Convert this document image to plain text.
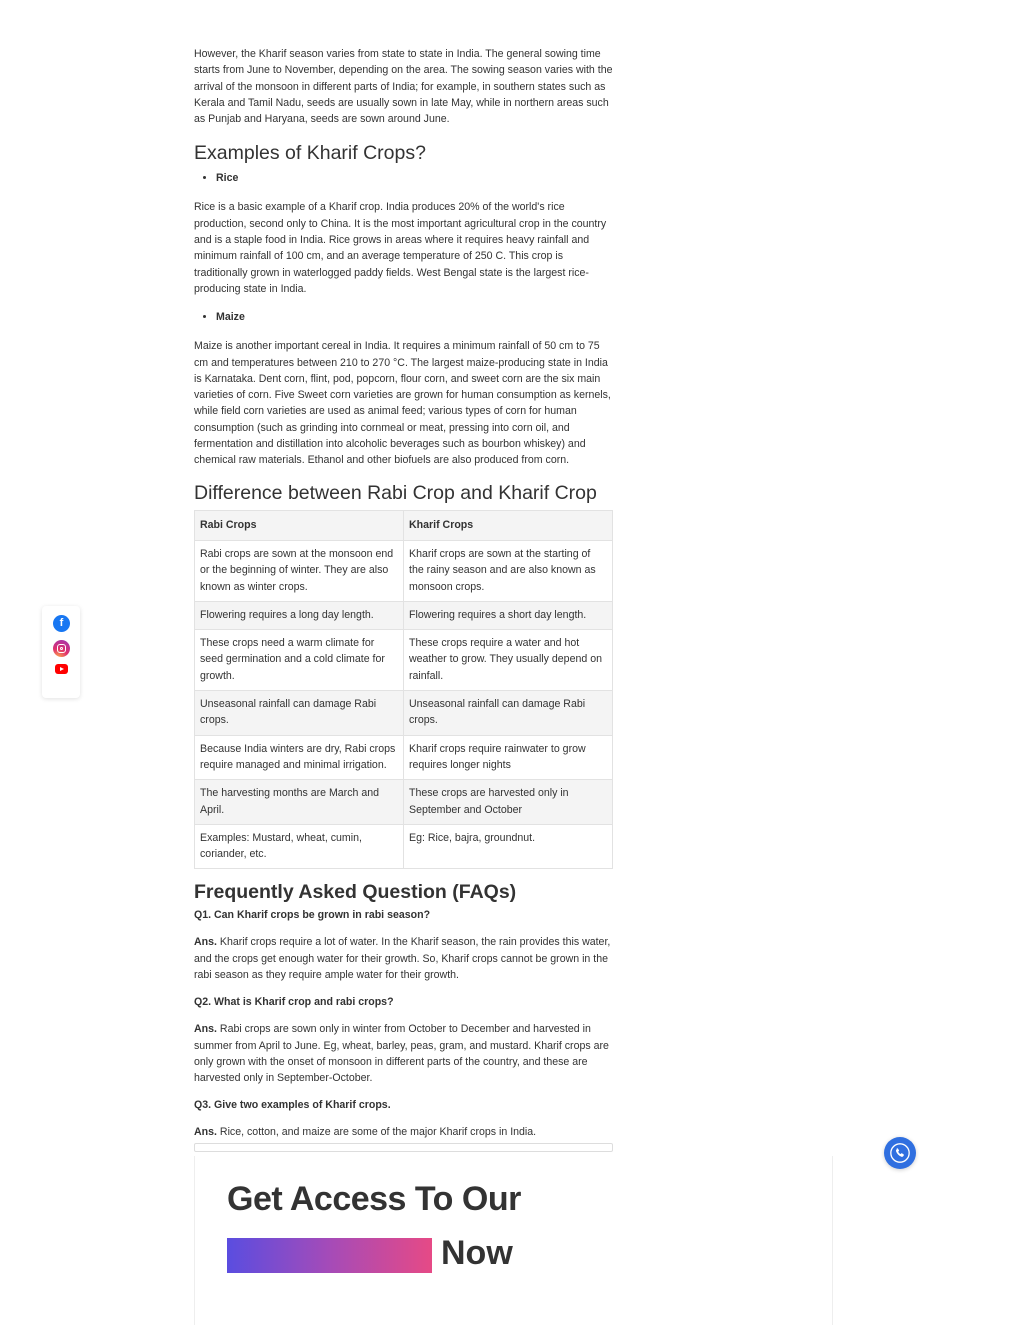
However, the Kharif season varies from state to state in India. The general sowing time starts from June to November, depending on the area. The sowing season varies with the arrival of the monsoon in different parts of India; for example, in southern states such as Kerala and Tamil Nadu, seeds are usually sown in late May, while in northern areas such as Punjab and Haryana, seeds are sown around June.

Examples of Kharif Crops?
• Rice

Rice is a basic example of a Kharif crop. India produces 20% of the world's rice production, second only to China. It is the most important agricultural crop in the country and is a staple food in India. Rice grows in areas where it requires heavy rainfall and minimum rainfall of 100 cm, and an average temperature of 250 C. This crop is traditionally grown in waterlogged paddy fields. West Bengal state is the largest rice-producing state in India.

• Maize

Maize is another important cereal in India. It requires a minimum rainfall of 50 cm to 75 cm and temperatures between 210 to 270 °C. The largest maize-producing state in India is Karnataka. Dent corn, flint, pod, popcorn, flour corn, and sweet corn are the six main varieties of corn. Five Sweet corn varieties are grown for human consumption as kernels, while field corn varieties are used as animal feed; various types of corn for human consumption (such as grinding into cornmeal or meat, pressing into corn oil, and fermentation and distillation into alcoholic beverages such as bourbon whiskey) and chemical raw materials. Ethanol and other biofuels are also produced from corn.

Difference between Rabi Crop and Kharif Crop
Rabi Crops	Kharif Crops
Rabi crops are sown at the monsoon end or the beginning of winter. They are also known as winter crops.	Kharif crops are sown at the starting of the rainy season and are also known as monsoon crops.
Flowering requires a long day length.	Flowering requires a short day length.
These crops need a warm climate for seed germination and a cold climate for growth.	These crops require a water and hot weather to grow. They usually depend on rainfall.
Unseasonal rainfall can damage Rabi crops.	Unseasonal rainfall can damage Rabi crops.
Because India winters are dry, Rabi crops require managed and minimal irrigation.	Kharif crops require rainwater to grow requires longer nights
The harvesting months are March and April.	These crops are harvested only in September and October
Examples: Mustard, wheat, cumin, coriander, etc.	Eg: Rice, bajra, groundnut.
Frequently Asked Question (FAQs)
Q1. Can Kharif crops be grown in rabi season?

Ans. Kharif crops require a lot of water. In the Kharif season, the rain provides this water, and the crops get enough water for their growth. So, Kharif crops cannot be grown in the rabi season as they require ample water for their growth.

Q2. What is Kharif crop and rabi crops?

Ans. Rabi crops are sown only in winter from October to December and harvested in summer from April to June. Eg, wheat, barley, peas, gram, and mustard. Kharif crops are only grown with the onset of monsoon in different parts of the country, and these are harvested only in September-October.

Q3. Give two examples of Kharif crops.

Ans. Rice, cotton, and maize are some of the major Kharif crops in India.

Get Access To Our
Now
f
